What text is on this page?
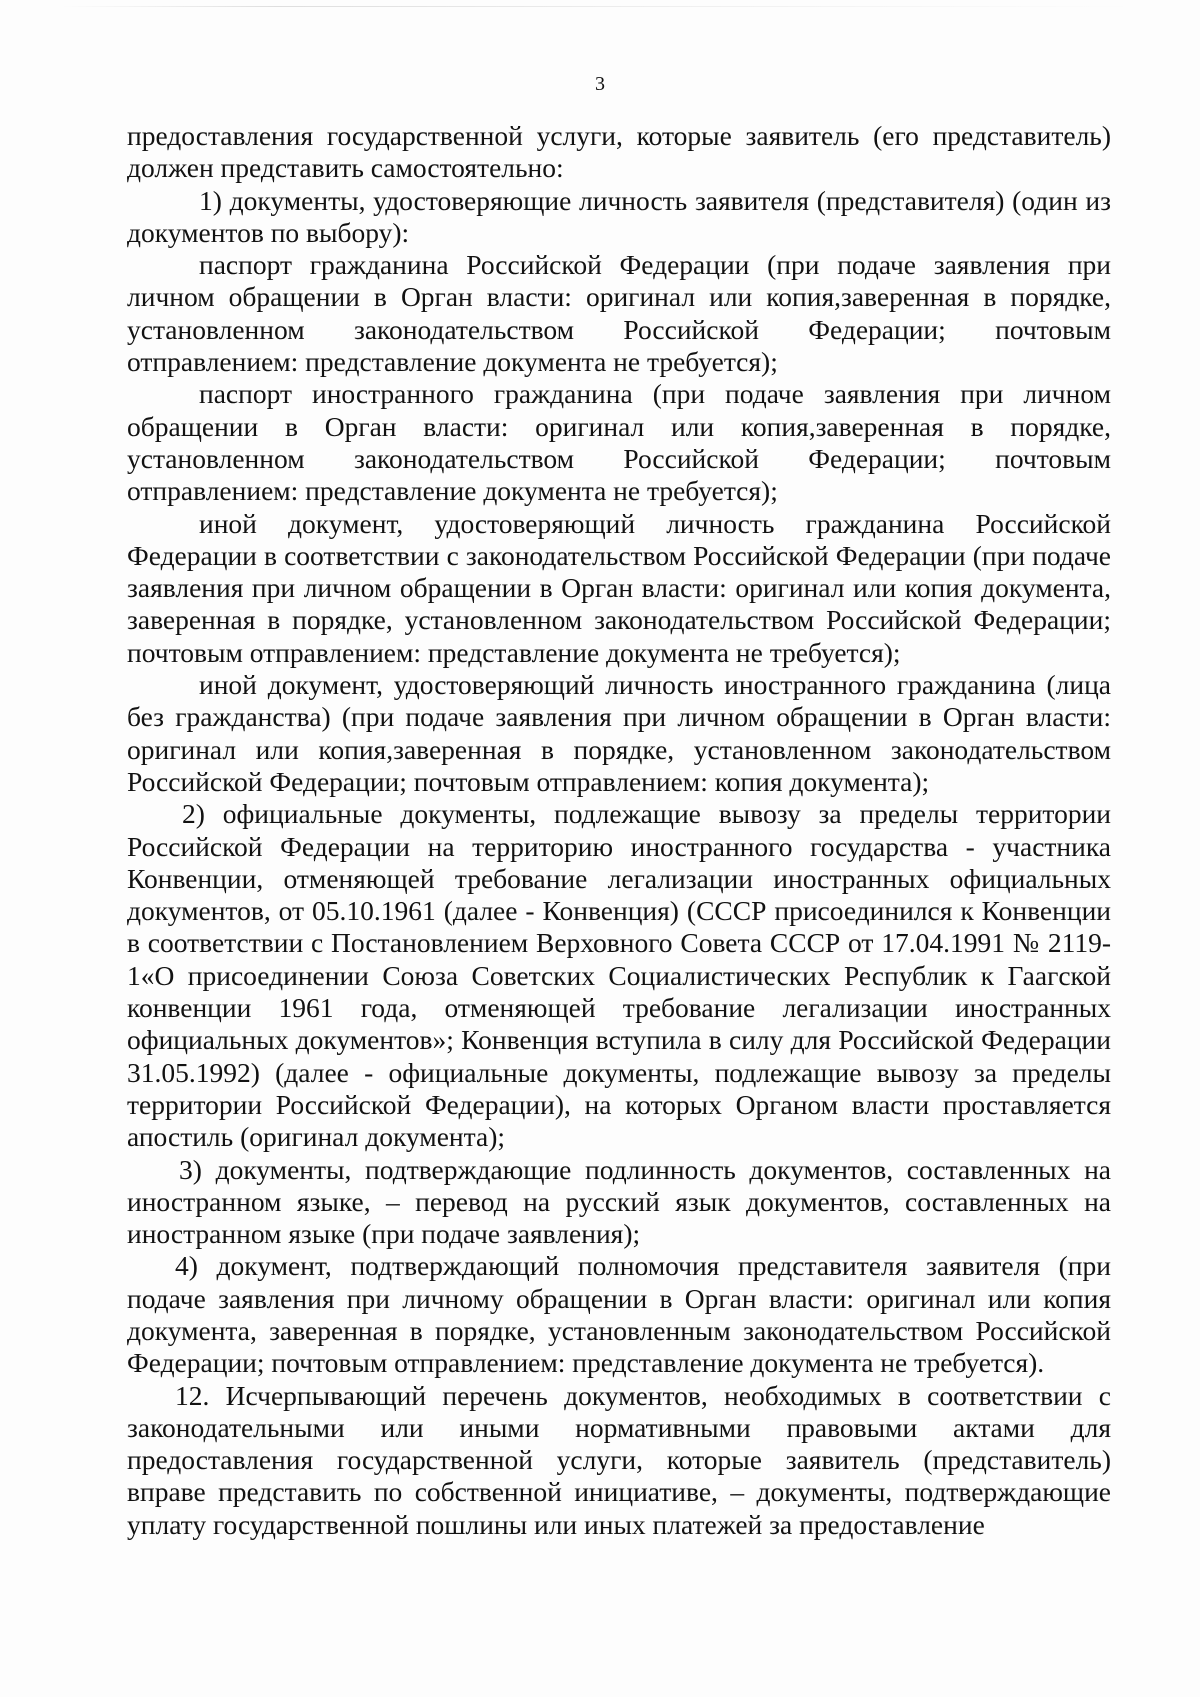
3

предоставления государственной услуги, которые заявитель (его представитель) должен представить самостоятельно:

1) документы, удостоверяющие личность заявителя (представителя) (один из документов по выбору):

паспорт гражданина Российской Федерации (при подаче заявления при личном обращении в Орган власти: оригинал или копия,заверенная в порядке, установленном законодательством Российской Федерации; почтовым отправлением: представление документа не требуется);

паспорт иностранного гражданина (при подаче заявления при личном обращении в Орган власти: оригинал или копия,заверенная в порядке, установленном законодательством Российской Федерации; почтовым отправлением: представление документа не требуется);

иной документ, удостоверяющий личность гражданина Российской Федерации в соответствии с законодательством Российской Федерации (при подаче заявления при личном обращении в Орган власти: оригинал или копия документа, заверенная в порядке, установленном законодательством Российской Федерации; почтовым отправлением: представление документа не требуется);

иной документ, удостоверяющий личность иностранного гражданина (лица без гражданства) (при подаче заявления при личном обращении в Орган власти: оригинал или копия,заверенная в порядке, установленном законодательством Российской Федерации; почтовым отправлением: копия документа);

2) официальные документы, подлежащие вывозу за пределы территории Российской Федерации на территорию иностранного государства - участника Конвенции, отменяющей требование легализации иностранных официальных документов, от 05.10.1961 (далее - Конвенция) (СССР присоединился к Конвенции в соответствии с Постановлением Верховного Совета СССР от 17.04.1991 № 2119-1«О присоединении Союза Советских Социалистических Республик к Гаагской конвенции 1961 года, отменяющей требование легализации иностранных официальных документов»; Конвенция вступила в силу для Российской Федерации 31.05.1992) (далее - официальные документы, подлежащие вывозу за пределы территории Российской Федерации), на которых Органом власти проставляется апостиль (оригинал документа);

3) документы, подтверждающие подлинность документов, составленных на иностранном языке, – перевод на русский язык документов, составленных на иностранном языке (при подаче заявления);

4) документ, подтверждающий полномочия представителя заявителя (при подаче заявления при личному обращении в Орган власти: оригинал или копия документа, заверенная в порядке, установленным законодательством Российской Федерации; почтовым отправлением: представление документа не требуется).

12. Исчерпывающий перечень документов, необходимых в соответствии с законодательными или иными нормативными правовыми актами для предоставления государственной услуги, которые заявитель (представитель) вправе представить по собственной инициативе, – документы, подтверждающие уплату государственной пошлины или иных платежей за предоставление
